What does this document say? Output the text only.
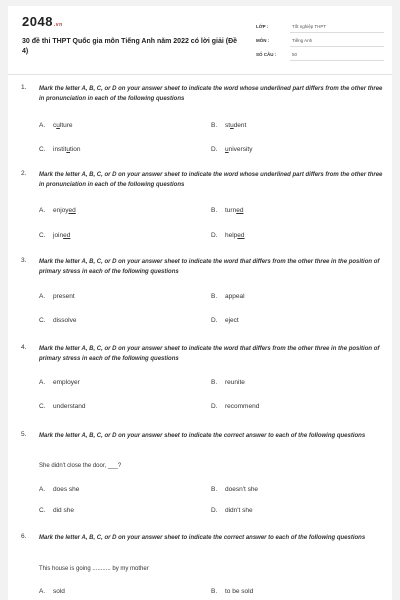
2048.vn
30 đề thi THPT Quốc gia môn Tiếng Anh năm 2022 có lời giải (Đề 4)
LỚP :	Tốt nghiệp THPT
MÔN :	Tiếng Anh
SỐ CÂU :	50
1. Mark the letter A, B, C, or D on your answer sheet to indicate the word whose underlined part differs from the other three in pronunciation in each of the following questions
A. culture	B. student
C. institution	D. university
2. Mark the letter A, B, C, or D on your answer sheet to indicate the word whose underlined part differs from the other three in pronunciation in each of the following questions
A. enjoyed	B. turned
C. joined	D. helped
3. Mark the letter A, B, C, or D on your answer sheet to indicate the word that differs from the other three in the position of primary stress in each of the following questions
A. present	B. appeal
C. dissolve	D. eject
4. Mark the letter A, B, C, or D on your answer sheet to indicate the word that differs from the other three in the position of primary stress in each of the following questions
A. employer	B. reunite
C. understand	D. recommend
5. Mark the letter A, B, C, or D on your answer sheet to indicate the correct answer to each of the following questions
She didn't close the door, ___?
A. does she	B. doesn't she
C. did she	D. didn't she
6. Mark the letter A, B, C, or D on your answer sheet to indicate the correct answer to each of the following questions
This house is going ........... by my mother
A. sold	B. to be sold
